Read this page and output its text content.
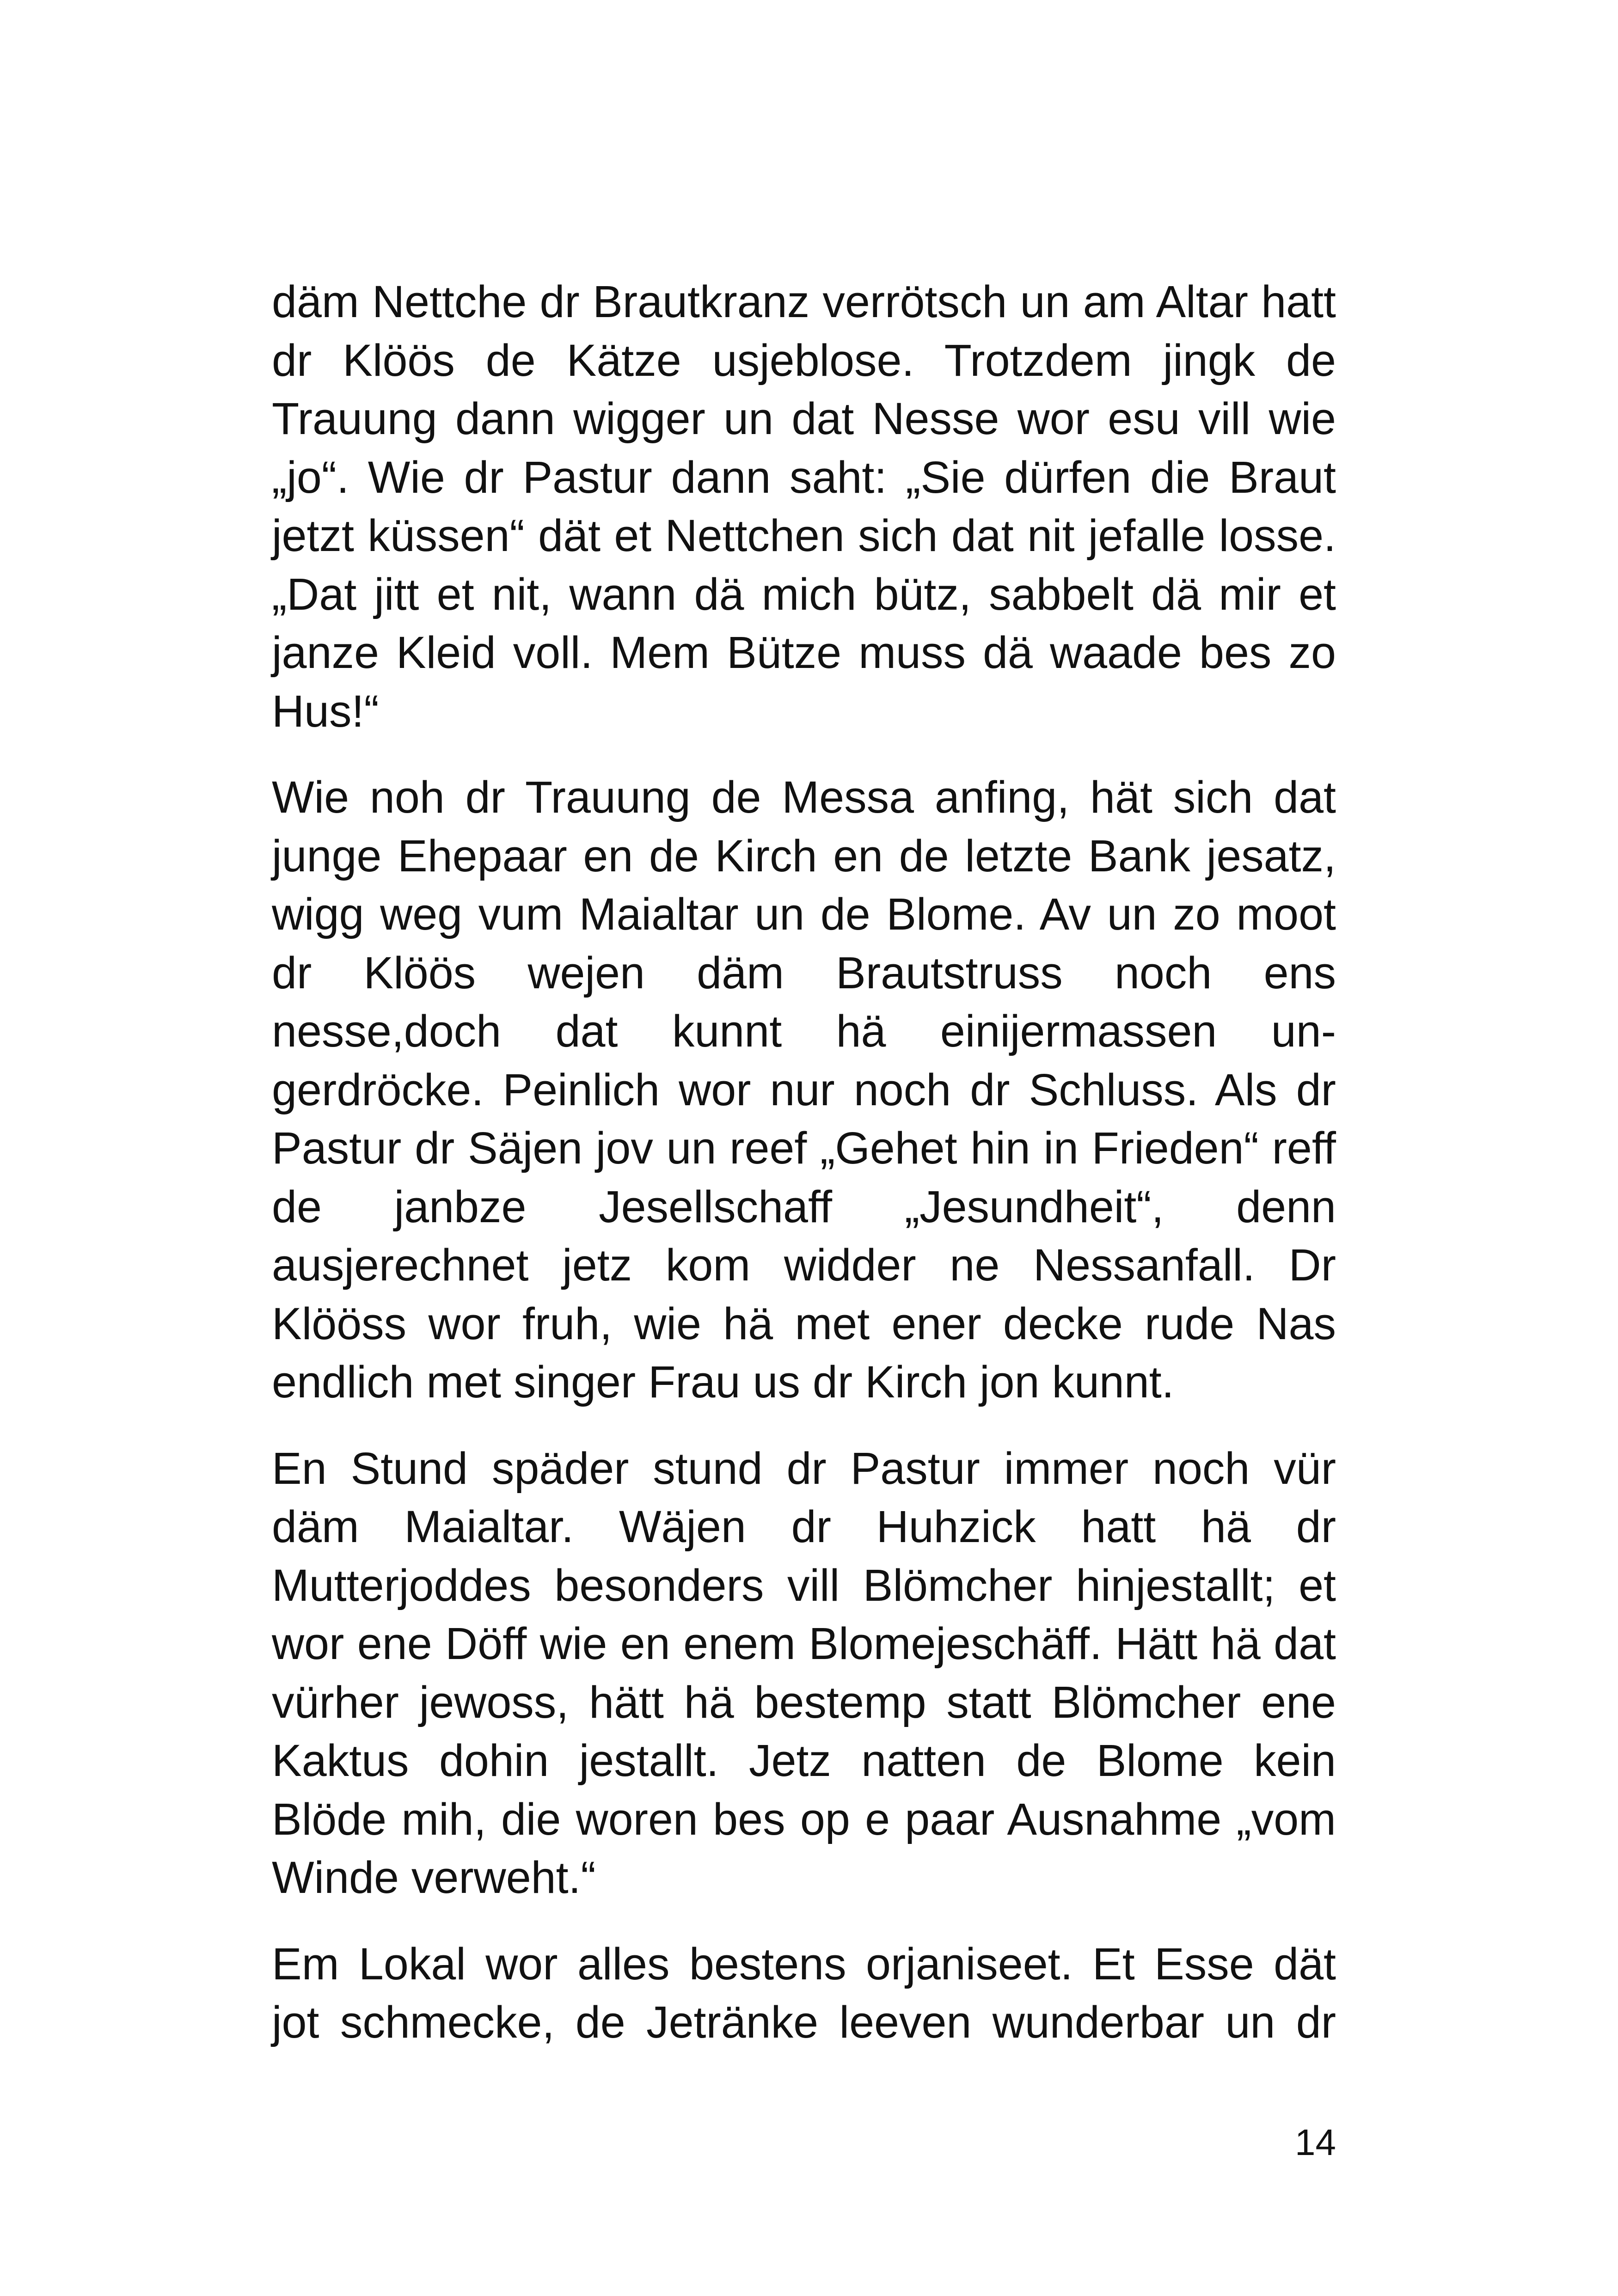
däm Nettche dr Brautkranz verrötsch un am Altar hatt
dr Klöös de Kätze usjeblose. Trotzdem jingk de
Trauung dann wigger un dat Nesse wor esu vill wie
„jo“. Wie dr Pastur dann saht: „Sie dürfen die Braut
jetzt küssen“ dät et Nettchen sich dat nit jefalle losse.
„Dat jitt et nit, wann dä mich bütz, sabbelt dä mir et
janze Kleid voll. Mem Bütze muss dä waade bes zo
Hus!“

Wie noh dr Trauung de Messa anfing, hät sich dat
junge Ehepaar en de Kirch en de letzte Bank jesatz,
wigg weg vum Maialtar un de Blome. Av un zo moot
dr Klöös wejen däm Brautstruss noch ens
nesse,doch dat kunnt hä einijermassen un-
gerdröcke. Peinlich wor nur noch dr Schluss. Als dr
Pastur dr Säjen jov un reef „Gehet hin in Frieden“ reff
de janbze Jesellschaff „Jesundheit“, denn
ausjerechnet jetz kom widder ne Nessanfall. Dr
Klööss wor fruh, wie hä met ener decke rude Nas
endlich met singer Frau us dr Kirch jon kunnt.

En Stund späder stund dr Pastur immer noch vür
däm Maialtar. Wäjen dr Huhzick hatt hä dr
Mutterjoddes besonders vill Blömcher hinjestallt; et
wor ene Döff wie en enem Blomejeschäff. Hätt hä dat
vürher jewoss, hätt hä bestemp statt Blömcher ene
Kaktus dohin jestallt. Jetz natten de Blome kein
Blöde mih, die woren bes op e paar Ausnahme „vom
Winde verweht.“

Em Lokal wor alles bestens orjaniseet. Et Esse dät
jot schmecke, de Jetränke leeven wunderbar un dr

14
